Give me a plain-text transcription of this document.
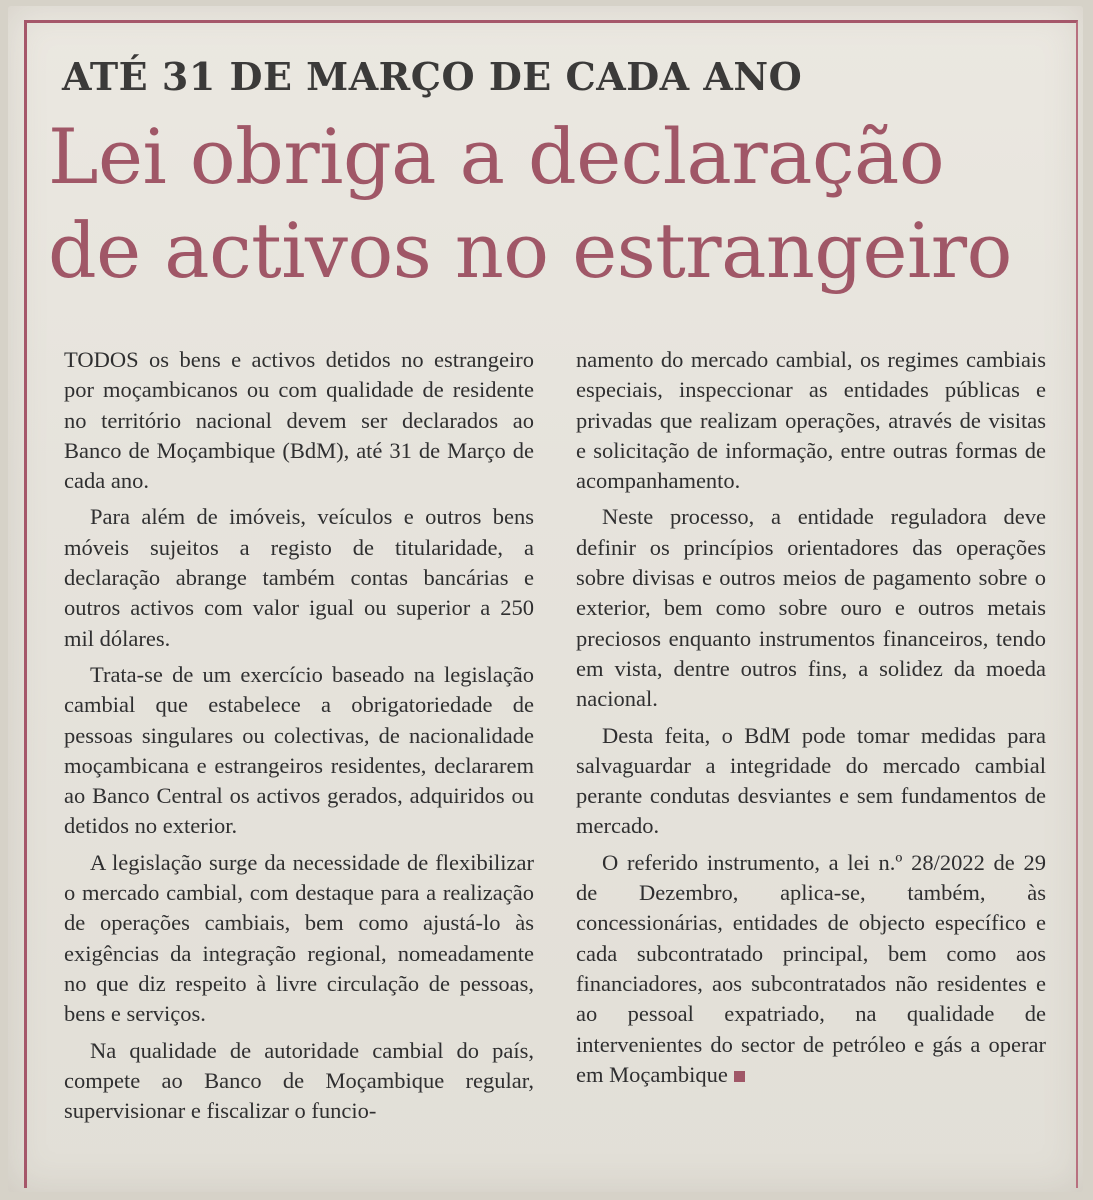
ATÉ 31 DE MARÇO DE CADA ANO
Lei obriga a declaração
de activos no estrangeiro

TODOS os bens e activos detidos no estrangeiro por moçambicanos ou com qualidade de residente no território nacional devem ser declarados ao Banco de Moçambique (BdM), até 31 de Março de cada ano.

Para além de imóveis, veículos e outros bens móveis sujeitos a registo de titularidade, a declaração abrange também contas bancárias e outros activos com valor igual ou superior a 250 mil dólares.

Trata-se de um exercício baseado na legislação cambial que estabelece a obrigatoriedade de pessoas singulares ou colectivas, de nacionalidade moçambicana e estrangeiros residentes, declararem ao Banco Central os activos gerados, adquiridos ou detidos no exterior.

A legislação surge da necessidade de flexibilizar o mercado cambial, com destaque para a realização de operações cambiais, bem como ajustá-lo às exigências da integração regional, nomeadamente no que diz respeito à livre circulação de pessoas, bens e serviços.

Na qualidade de autoridade cambial do país, compete ao Banco de Moçambique regular, supervisionar e fiscalizar o funcio-

namento do mercado cambial, os regimes cambiais especiais, inspeccionar as entidades públicas e privadas que realizam operações, através de visitas e solicitação de informação, entre outras formas de acompanhamento.

Neste processo, a entidade reguladora deve definir os princípios orientadores das operações sobre divisas e outros meios de pagamento sobre o exterior, bem como sobre ouro e outros metais preciosos enquanto instrumentos financeiros, tendo em vista, dentre outros fins, a solidez da moeda nacional.

Desta feita, o BdM pode tomar medidas para salvaguardar a integridade do mercado cambial perante condutas desviantes e sem fundamentos de mercado.

O referido instrumento, a lei n.º 28/2022 de 29 de Dezembro, aplica-se, também, às concessionárias, entidades de objecto específico e cada subcontratado principal, bem como aos financiadores, aos subcontratados não residentes e ao pessoal expatriado, na qualidade de intervenientes do sector de petróleo e gás a operar em Moçambique
